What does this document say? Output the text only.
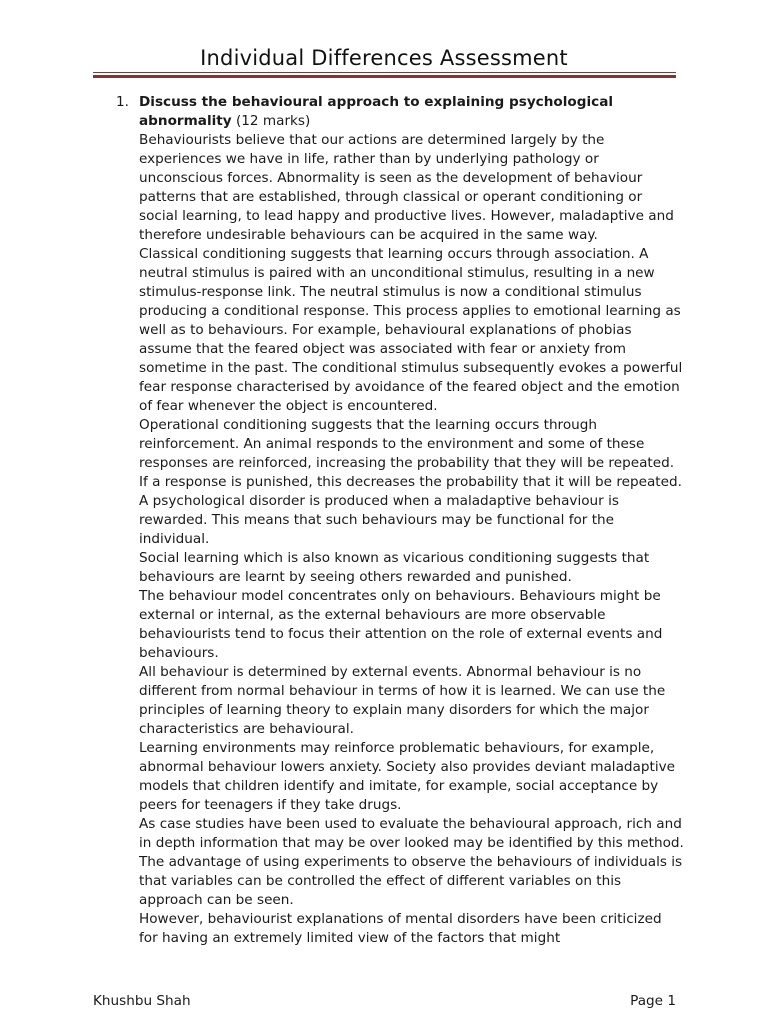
Individual Differences Assessment
1. Discuss the behavioural approach to explaining psychological abnormality (12 marks)

Behaviourists believe that our actions are determined largely by the experiences we have in life, rather than by underlying pathology or unconscious forces. Abnormality is seen as the development of behaviour patterns that are established, through classical or operant conditioning or social learning, to lead happy and productive lives. However, maladaptive and therefore undesirable behaviours can be acquired in the same way.

Classical conditioning suggests that learning occurs through association. A neutral stimulus is paired with an unconditional stimulus, resulting in a new stimulus-response link. The neutral stimulus is now a conditional stimulus producing a conditional response. This process applies to emotional learning as well as to behaviours. For example, behavioural explanations of phobias assume that the feared object was associated with fear or anxiety from sometime in the past. The conditional stimulus subsequently evokes a powerful fear response characterised by avoidance of the feared object and the emotion of fear whenever the object is encountered.

Operational conditioning suggests that the learning occurs through reinforcement. An animal responds to the environment and some of these responses are reinforced, increasing the probability that they will be repeated. If a response is punished, this decreases the probability that it will be repeated. A psychological disorder is produced when a maladaptive behaviour is rewarded. This means that such behaviours may be functional for the individual.

Social learning which is also known as vicarious conditioning suggests that behaviours are learnt by seeing others rewarded and punished.

The behaviour model concentrates only on behaviours. Behaviours might be external or internal, as the external behaviours are more observable behaviourists tend to focus their attention on the role of external events and behaviours.

All behaviour is determined by external events. Abnormal behaviour is no different from normal behaviour in terms of how it is learned. We can use the principles of learning theory to explain many disorders for which the major characteristics are behavioural.

Learning environments may reinforce problematic behaviours, for example, abnormal behaviour lowers anxiety. Society also provides deviant maladaptive models that children identify and imitate, for example, social acceptance by peers for teenagers if they take drugs.

As case studies have been used to evaluate the behavioural approach, rich and in depth information that may be over looked may be identified by this method.

The advantage of using experiments to observe the behaviours of individuals is that variables can be controlled the effect of different variables on this approach can be seen.

However, behaviourist explanations of mental disorders have been criticized for having an extremely limited view of the factors that might

Khushbu Shah	Page 1
